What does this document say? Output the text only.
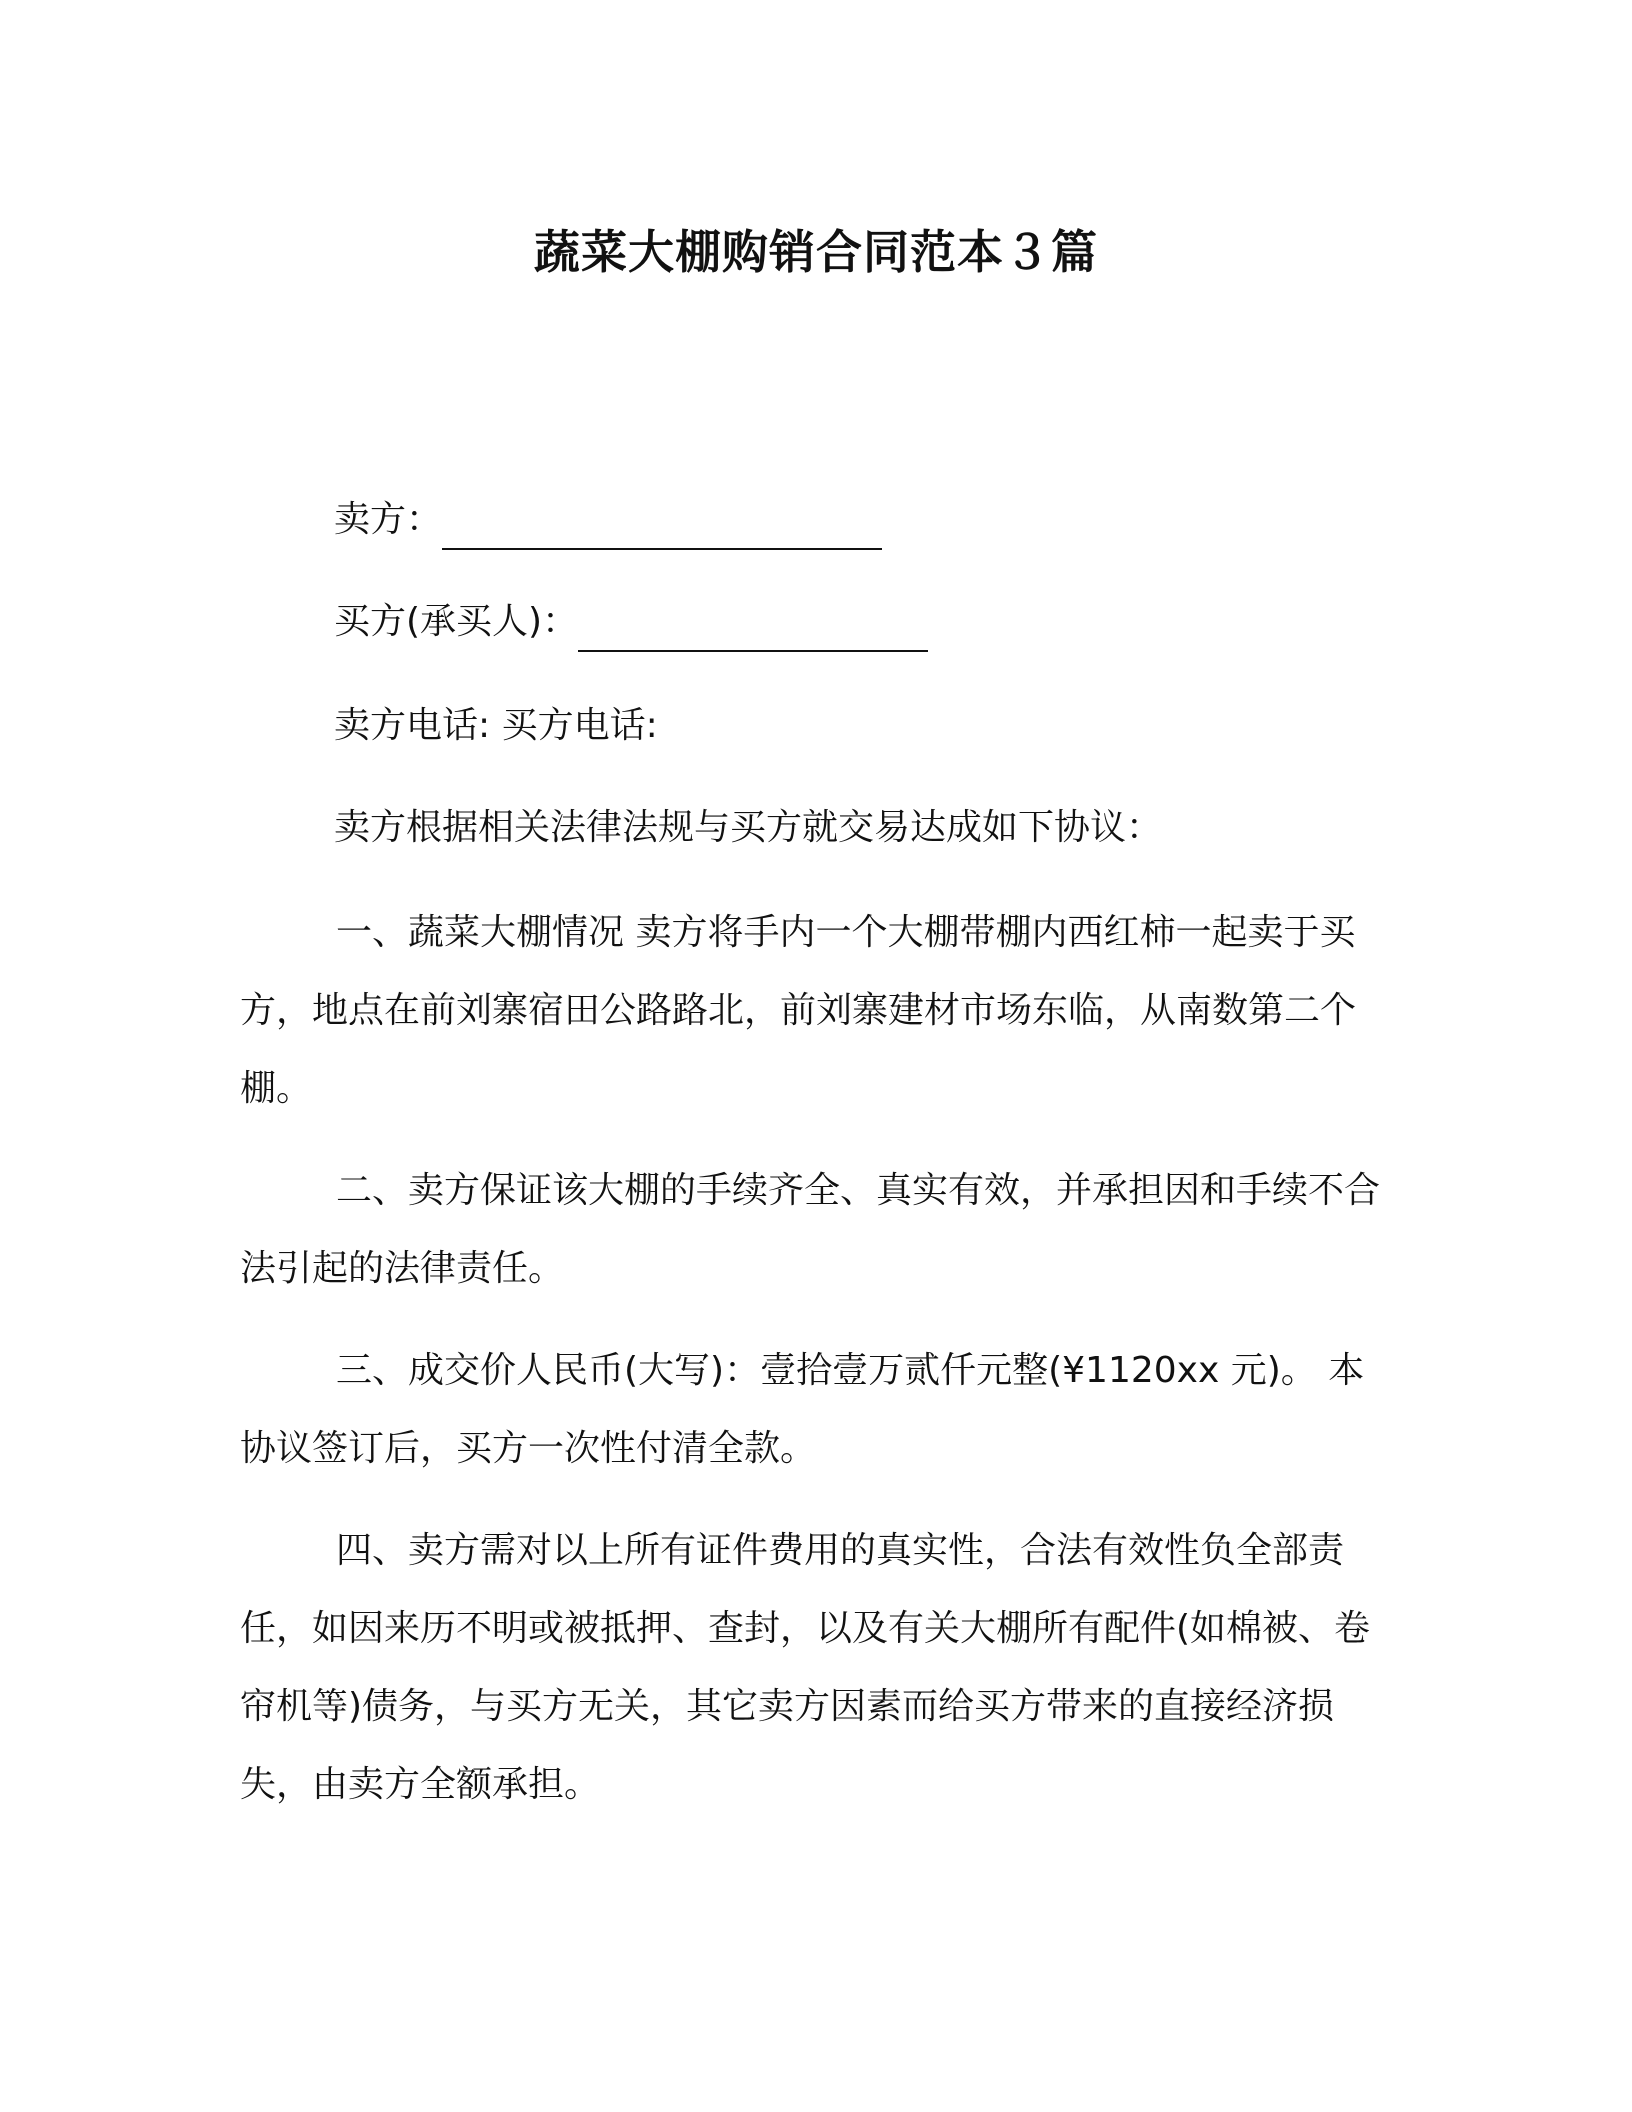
蔬菜大棚购销合同范本３篇
卖方：
买方(承买人)：
卖方电话: 买方电话:
卖方根据相关法律法规与买方就交易达成如下协议：

一、蔬菜大棚情况 卖方将手内一个大棚带棚内西红柿一起卖于买方，地点在前刘寨宿田公路路北，前刘寨建材市场东临，从南数第二个棚。

二、卖方保证该大棚的手续齐全、真实有效，并承担因和手续不合法引起的法律责任。

三、成交价人民币(大写)：壹拾壹万贰仟元整(¥1120xx 元)。 本协议签订后，买方一次性付清全款。

四、卖方需对以上所有证件费用的真实性，合法有效性负全部责任，如因来历不明或被抵押、查封，以及有关大棚所有配件(如棉被、卷帘机等)债务，与买方无关，其它卖方因素而给买方带来的直接经济损失，由卖方全额承担。
